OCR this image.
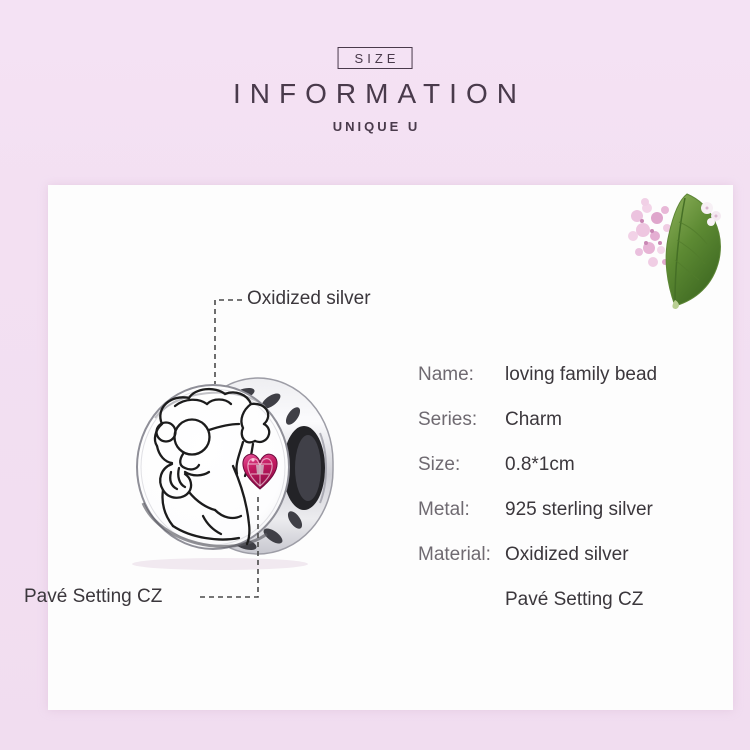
SIZE
INFORMATION
UNIQUE U
Oxidized silver
Pavé Setting CZ
Name:	loving family bead
Series:	Charm
Size:	0.8*1cm
Metal:	925 sterling silver
Material: Oxidized silver
Pavé Setting CZ
